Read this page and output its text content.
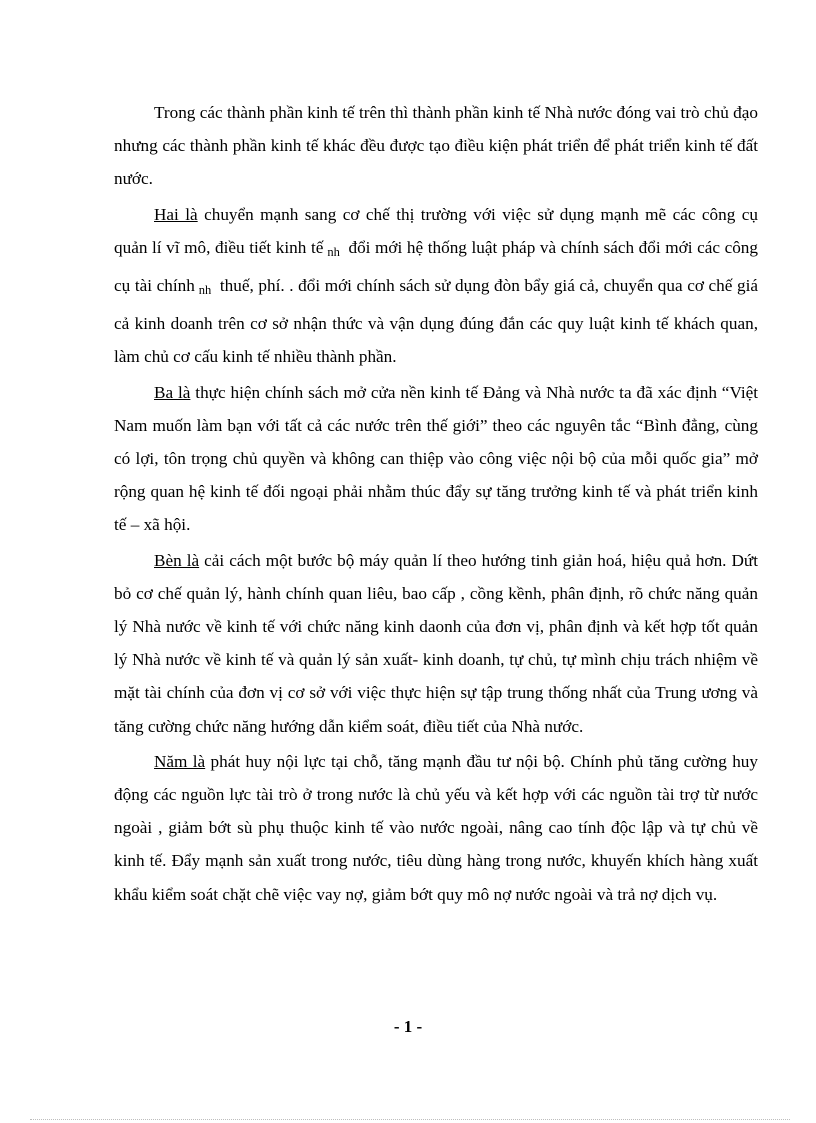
Trong các thành phần kinh tế trên thì thành phần kinh tế Nhà nước đóng vai trò chủ đạo nhưng các thành phần kinh tế khác đều được tạo điều kiện phát triển để phát triển kinh tế đất nước.

Hai là chuyển mạnh sang cơ chế thị trường với việc sử dụng mạnh mẽ các công cụ quản lí vĩ mô, điều tiết kinh tế $_{nh}$ đổi mới hệ thống luật pháp và chính sách đổi mới các công cụ tài chính $_{nh}$ thuế, phí. . đổi mới chính sách sử dụng đòn bẩy giá cả, chuyển qua cơ chế giá cả kinh doanh trên cơ sở nhận thức và vận dụng đúng đắn các quy luật kinh tế khách quan, làm chủ cơ cấu kinh tế nhiều thành phần.

Ba là thực hiện chính sách mở cửa nền kinh tế Đảng và Nhà nước ta đã xác định “Việt Nam muốn làm bạn với tất cả các nước trên thế giới” theo các nguyên tắc “Bình đẳng, cùng có lợi, tôn trọng chủ quyền và không can thiệp vào công việc nội bộ của mỗi quốc gia” mở rộng quan hệ kinh tế đối ngoại phải nhằm thúc đẩy sự tăng trưởng kinh tế và phát triển kinh tế – xã hội.

Bèn là cải cách một bước bộ máy quản lí theo hướng tinh giản hoá, hiệu quả hơn. Dứt bỏ cơ chế quản lý, hành chính quan liêu, bao cấp , cồng kềnh, phân định, rõ chức năng quản lý Nhà nước về kinh tế với chức năng kinh daonh của đơn vị, phân định và kết hợp tốt quản lý Nhà nước về kinh tế và quản lý sản xuất- kinh doanh, tự chủ, tự mình chịu trách nhiệm về mặt tài chính của đơn vị cơ sở với việc thực hiện sự tập trung thống nhất của Trung ương và tăng cường chức năng hướng dẫn kiểm soát, điều tiết của Nhà nước.

Năm là phát huy nội lực tại chỗ, tăng mạnh đầu tư nội bộ. Chính phủ tăng cường huy động các nguồn lực tài trò ở trong nước là chủ yếu và kết hợp với các nguồn tài trợ từ nước ngoài , giảm bớt sù phụ thuộc kinh tế vào nước ngoài, nâng cao tính độc lập và tự chủ về kinh tế. Đẩy mạnh sản xuất trong nước, tiêu dùng hàng trong nước, khuyến khích hàng xuất khẩu kiểm soát chặt chẽ việc vay nợ, giảm bớt quy mô nợ nước ngoài và trả nợ dịch vụ.

- 1 -
